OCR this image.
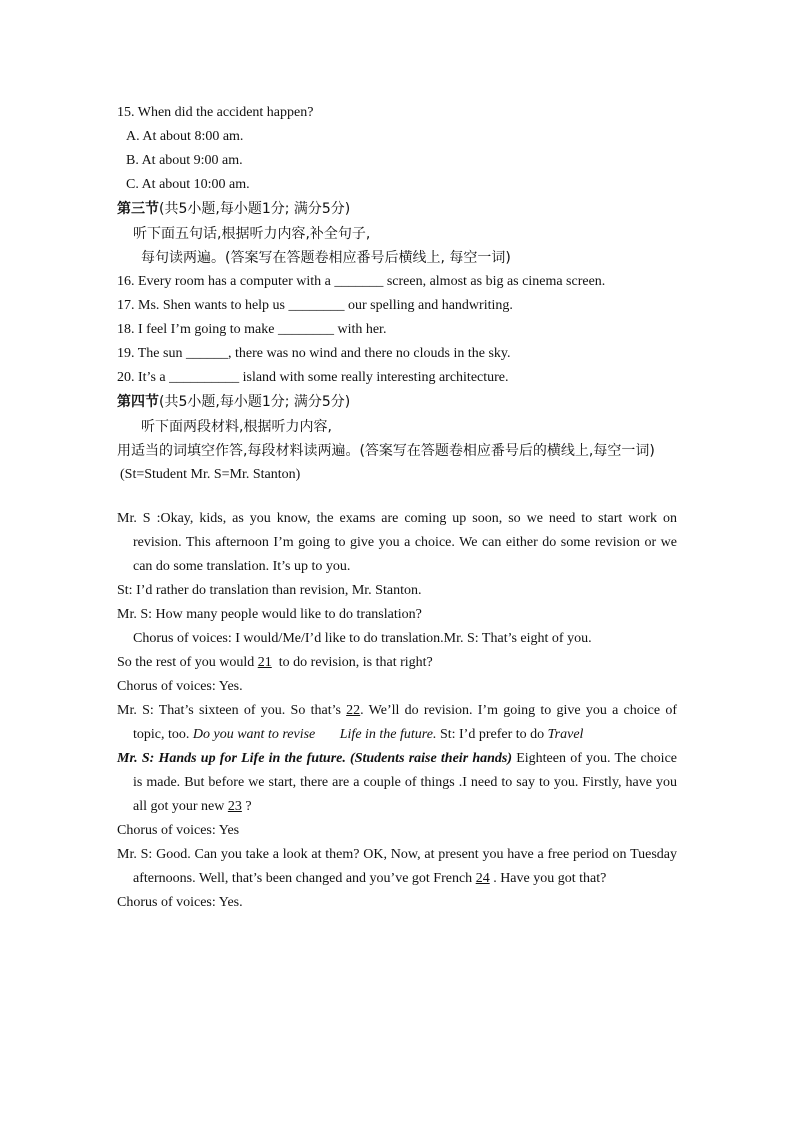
15. When did the accident happen?
A. At about 8:00 am.
B. At about 9:00 am.
C. At about 10:00 am.
第三节(共5小题,每小题1分; 满分5分)
听下面五句话,根据听力内容,补全句子,
每句读两遍。(答案写在答题卷相应番号后横线上, 每空一词)
16. Every room has a computer with a _______ screen, almost as big as cinema screen.
17. Ms. Shen wants to help us ________ our spelling and handwriting.
18. I feel I’m going to make ________ with her.
19. The sun ______, there was no wind and there no clouds in the sky.
20. It’s a __________ island with some really interesting architecture.
第四节(共5小题,每小题1分; 满分5分)
听下面两段材料,根据听力内容,
用适当的词填空作答,每段材料读两遍。(答案写在答题卷相应番号后的横线上,每空一词)
(St=Student Mr. S=Mr. Stanton)
Mr. S :Okay, kids, as you know, the exams are coming up soon, so we need to start work on revision. This afternoon I’m going to give you a choice. We can either do some revision or we can do some translation. It’s up to you.
St: I’d rather do translation than revision, Mr. Stanton.
Mr. S: How many people would like to do translation?
Chorus of voices: I would/Me/I’d like to do translation.Mr. S: That’s eight of you.
So the rest of you would 21 to do revision, is that right?
Chorus of voices: Yes.
Mr. S: That’s sixteen of you. So that’s 22. We’ll do revision. I’m going to give you a choice of topic, too. Do you want to revise Life in the future. St: I’d prefer to do Travel
Mr. S: Hands up for Life in the future. (Students raise their hands) Eighteen of you. The choice is made. But before we start, there are a couple of things .I need to say to you. Firstly, have you all got your new 23 ?
Chorus of voices: Yes
Mr. S: Good. Can you take a look at them? OK, Now, at present you have a free period on Tuesday afternoons. Well, that’s been changed and you’ve got French 24 . Have you got that?
Chorus of voices: Yes.
